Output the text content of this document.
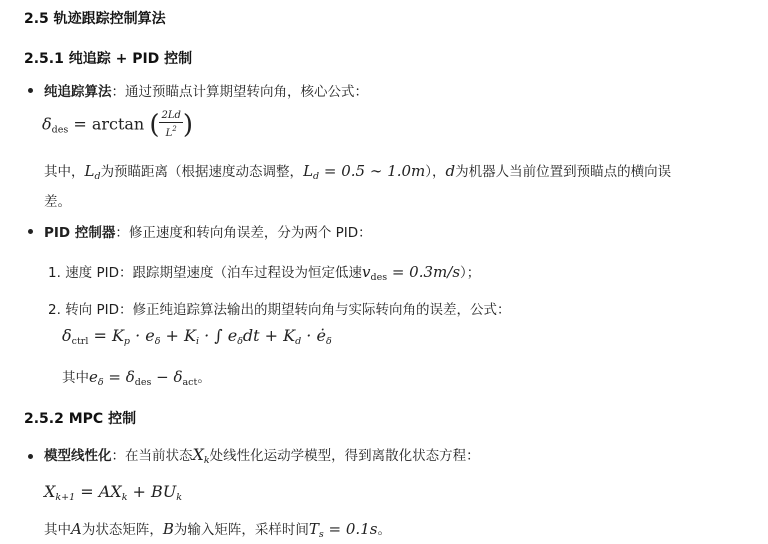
2.5 轨迹跟踪控制算法
2.5.1 纯追踪 + PID 控制
纯追踪算法：通过预瞄点计算期望转向角，核心公式：
$\delta_{des} = \arctan$ ( $\frac{2Ld}{L^2}$ )
其中，$L_d$为预瞄距离（根据速度动态调整，$L_d = 0.5$ ∼ 1.0m），d为机器人当前位置到预瞄点的横向误
差。
PID 控制器：修正速度和转向角误差，分为两个 PID：
1. 速度 PID：跟踪期望速度（泊车过程设为恒定低速$v_{des} = 0.3m/s$）；
2. 转向 PID：修正纯追踪算法输出的期望转向角与实际转向角的误差，公式：
$\delta_{ctrl} = K_p \cdot e_\delta + K_i$ · ∫ $e_\delta dt + K_d$ · $ė_\delta$
其中$e_\delta = \delta_{des} - \delta_{act}$。
2.5.2 MPC 控制
模型线性化：在当前状态$X_k$处线性化运动学模型，得到离散化状态方程：
$X_{k+1} = AX_k + BU_k$
其中A为状态矩阵，B为输入矩阵，采样时间$T_s = 0.1s$。
